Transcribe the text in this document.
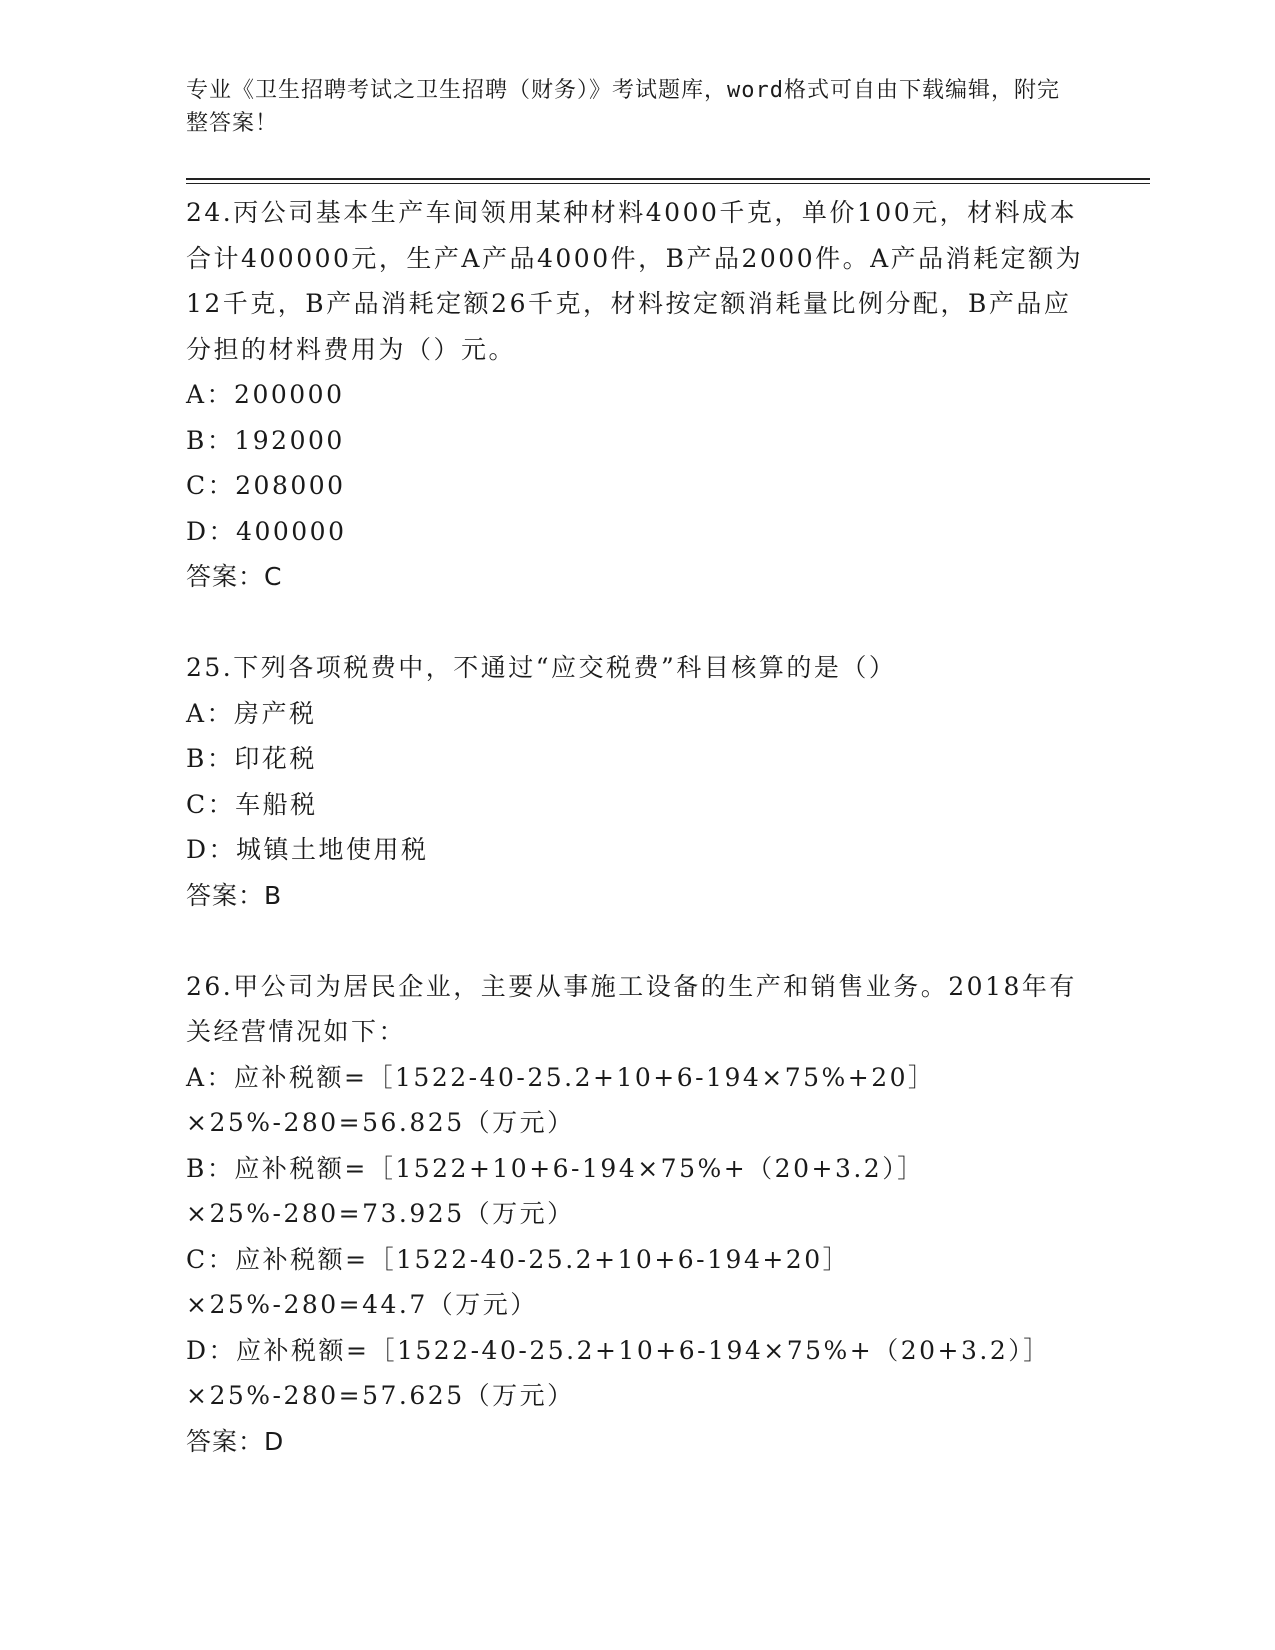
专业《卫生招聘考试之卫生招聘（财务）》考试题库，word格式可自由下载编辑，附完整答案！

24.丙公司基本生产车间领用某种材料4000千克，单价100元，材料成本合计400000元，生产A产品4000件，B产品2000件。A产品消耗定额为12千克，B产品消耗定额26千克，材料按定额消耗量比例分配，B产品应分担的材料费用为（）元。

A：200000

B：192000

C：208000

D：400000

答案：C

25.下列各项税费中，不通过“应交税费”科目核算的是（）

A：房产税

B：印花税

C：车船税

D：城镇土地使用税

答案：B

26.甲公司为居民企业，主要从事施工设备的生产和销售业务。2018年有关经营情况如下：

A：应补税额=［1522-40-25.2+10+6-194×75%+20］×25%-280=56.825（万元）

B：应补税额=［1522+10+6-194×75%+（20+3.2）］×25%-280=73.925（万元）

C：应补税额=［1522-40-25.2+10+6-194+20］×25%-280=44.7（万元）

D：应补税额=［1522-40-25.2+10+6-194×75%+（20+3.2）］×25%-280=57.625（万元）

答案：D
